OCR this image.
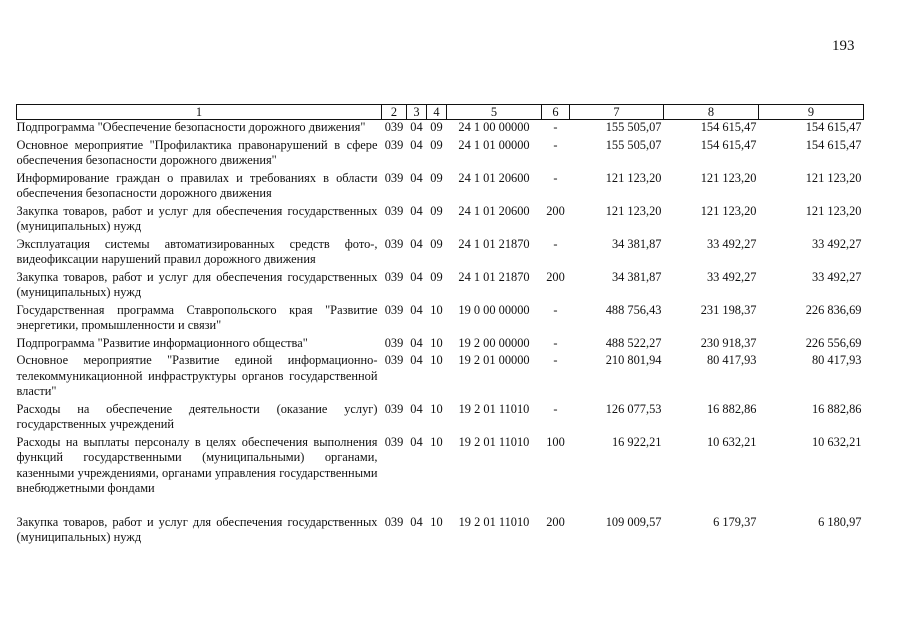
193
1	2	3	4	5	6	7	8	9
Подпрограмма "Обеспечение безопасности дорожного движения"	039	04	09	24 1 00 00000	-	155 505,07	154 615,47	154 615,47
Основное мероприятие "Профилактика правонарушений в сфере обеспечения безопасности дорожного движения"	039	04	09	24 1 01 00000	-	155 505,07	154 615,47	154 615,47
Информирование граждан о правилах и требованиях в области обеспечения безопасности дорожного движения	039	04	09	24 1 01 20600	-	121 123,20	121 123,20	121 123,20
Закупка товаров, работ и услуг для обеспечения государственных (муниципальных) нужд	039	04	09	24 1 01 20600	200	121 123,20	121 123,20	121 123,20
Эксплуатация системы автоматизированных средств фото-, видеофиксации нарушений правил дорожного движения	039	04	09	24 1 01 21870	-	34 381,87	33 492,27	33 492,27
Закупка товаров, работ и услуг для обеспечения государственных (муниципальных) нужд	039	04	09	24 1 01 21870	200	34 381,87	33 492,27	33 492,27
Государственная программа Ставропольского края "Развитие энергетики, промышленности и связи"	039	04	10	19 0 00 00000	-	488 756,43	231 198,37	226 836,69
Подпрограмма "Развитие информационного общества"	039	04	10	19 2 00 00000	-	488 522,27	230 918,37	226 556,69
Основное мероприятие "Развитие единой информационно-телекоммуникационной инфраструктуры органов государственной власти"	039	04	10	19 2 01 00000	-	210 801,94	80 417,93	80 417,93
Расходы на обеспечение деятельности (оказание услуг) государственных учреждений	039	04	10	19 2 01 11010	-	126 077,53	16 882,86	16 882,86
Расходы на выплаты персоналу в целях обеспечения выполнения функций государственными (муниципальными) органами, казенными учреждениями, органами управления государственными внебюджетными фондами	039	04	10	19 2 01 11010	100	16 922,21	10 632,21	10 632,21
Закупка товаров, работ и услуг для обеспечения государственных (муниципальных) нужд	039	04	10	19 2 01 11010	200	109 009,57	6 179,37	6 180,97
